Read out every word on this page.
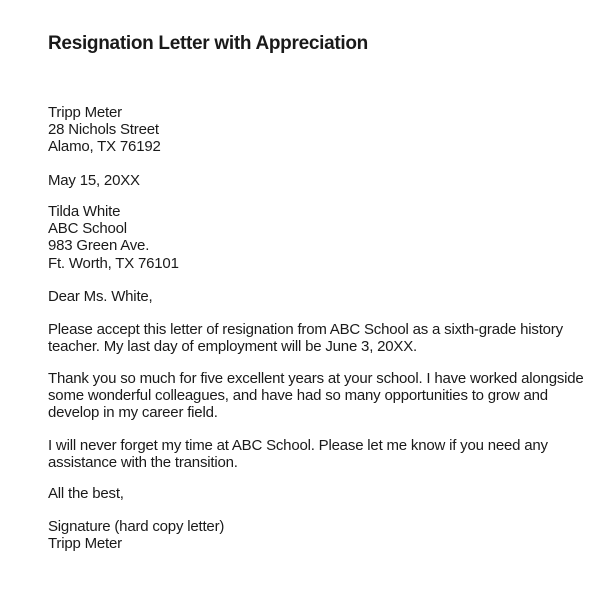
Resignation Letter with Appreciation
Tripp Meter
28 Nichols Street
Alamo, TX 76192
May 15, 20XX
Tilda White
ABC School
983 Green Ave.
Ft. Worth, TX 76101
Dear Ms. White,
Please accept this letter of resignation from ABC School as a sixth-grade history
teacher. My last day of employment will be June 3, 20XX.
Thank you so much for five excellent years at your school. I have worked alongside
some wonderful colleagues, and have had so many opportunities to grow and
develop in my career field.
I will never forget my time at ABC School. Please let me know if you need any
assistance with the transition.
All the best,
Signature (hard copy letter)
Tripp Meter
